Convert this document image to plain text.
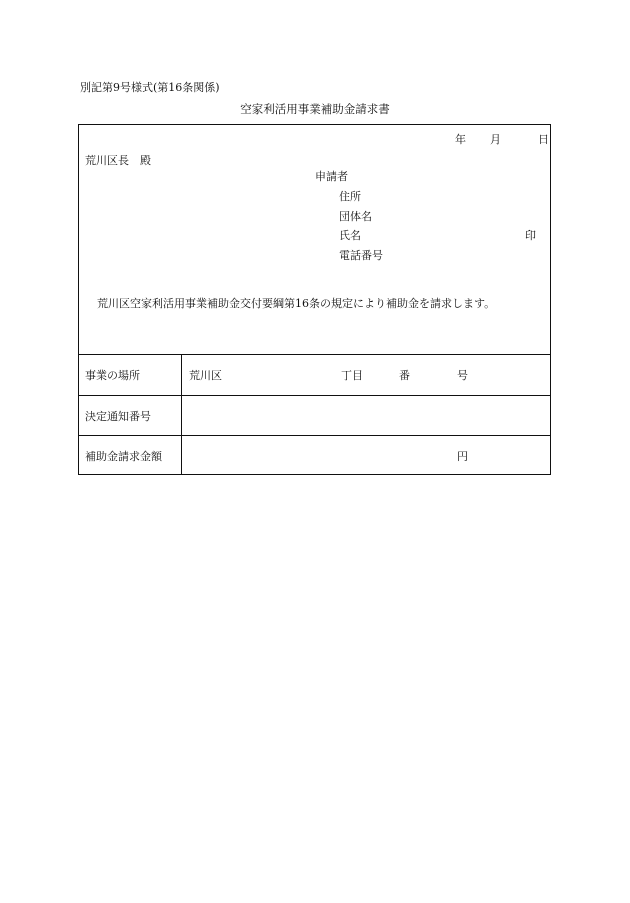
別記第9号様式(第16条関係)
空家利活用事業補助金請求書
年 月	日
荒川区長　殿
申請者
住所
団体名
氏名	印
電話番号
荒川区空家利活用事業補助金交付要綱第16条の規定により補助金を請求します。
事業の場所	荒川区	丁目	番	号
決定通知番号
補助金請求金額	円
